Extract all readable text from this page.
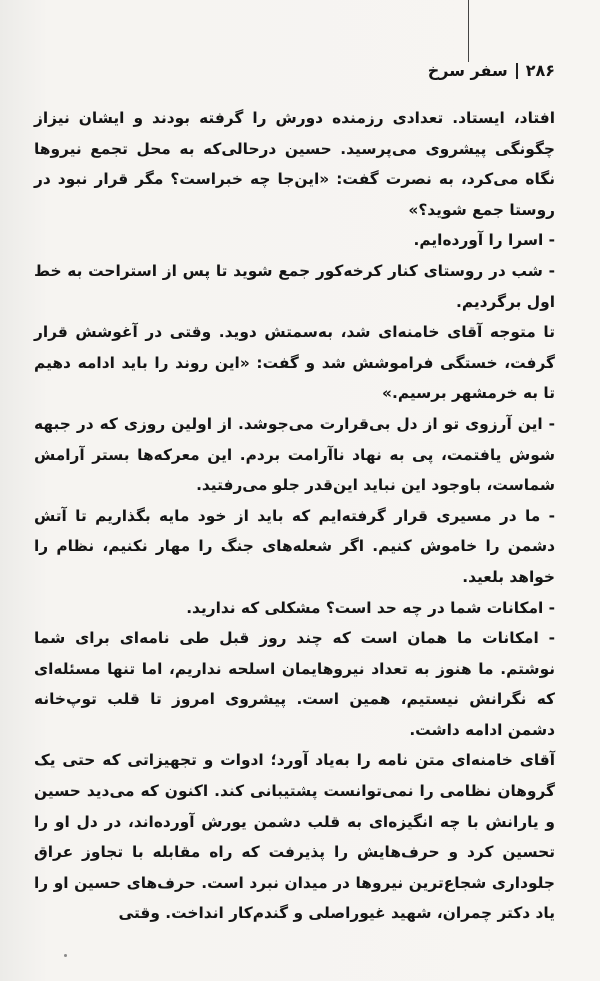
۲۸۶
سفر سرخ

افتاد، ایستاد. تعدادی رزمنده دورش را گرفته بودند و ایشان نیزاز چگونگی پیشروی می‌پرسید. حسین درحالی‌که به محل تجمع نیروها نگاه می‌کرد، به نصرت گفت: «این‌جا چه خبراست؟ مگر قرار نبود در روستا جمع شوید؟»

- اسرا را آورده‌ایم.

- شب در روستای کنار کرخه‌کور جمع شوید تا پس از استراحت به خط اول برگردیم.

تا متوجه آقای خامنه‌ای شد، به‌سمتش دوید. وقتی در آغوشش قرار گرفت، خستگی فراموشش شد و گفت: «این روند را باید ادامه دهیم تا به خرمشهر برسیم.»

- این آرزوی تو از دل بی‌قرارت می‌جوشد. از اولین روزی که در جبهه شوش یافتمت، پی به نهاد ناآرامت بردم. این معرکه‌ها بستر آرامش شماست، باوجود این نباید این‌قدر جلو می‌رفتید.

- ما در مسیری قرار گرفته‌ایم که باید از خود مایه بگذاریم تا آتش دشمن را خاموش کنیم. اگر شعله‌های جنگ را مهار نکنیم، نظام را خواهد بلعید.

- امکانات شما در چه حد است؟ مشکلی که ندارید.

- امکانات ما همان است که چند روز قبل طی نامه‌ای برای شما نوشتم. ما هنوز به تعداد نیروهایمان اسلحه نداریم، اما تنها مسئله‌ای که نگرانش نیستیم، همین است. پیشروی امروز تا قلب توپ‌خانه دشمن ادامه داشت.

آقای خامنه‌ای متن نامه را به‌یاد آورد؛ ادوات و تجهیزاتی که حتی یک گروهان نظامی را نمی‌توانست پشتیبانی کند. اکنون که می‌دید حسین و یارانش با چه انگیزه‌ای به قلب دشمن یورش آورده‌اند، در دل او را تحسین کرد و حرف‌هایش را پذیرفت که راه مقابله با تجاوز عراق جلوداری شجاع‌ترین نیروها در میدان نبرد است. حرف‌های حسین او را یاد دکتر چمران، شهید غیوراصلی و گندم‌کار انداخت. وقتی
